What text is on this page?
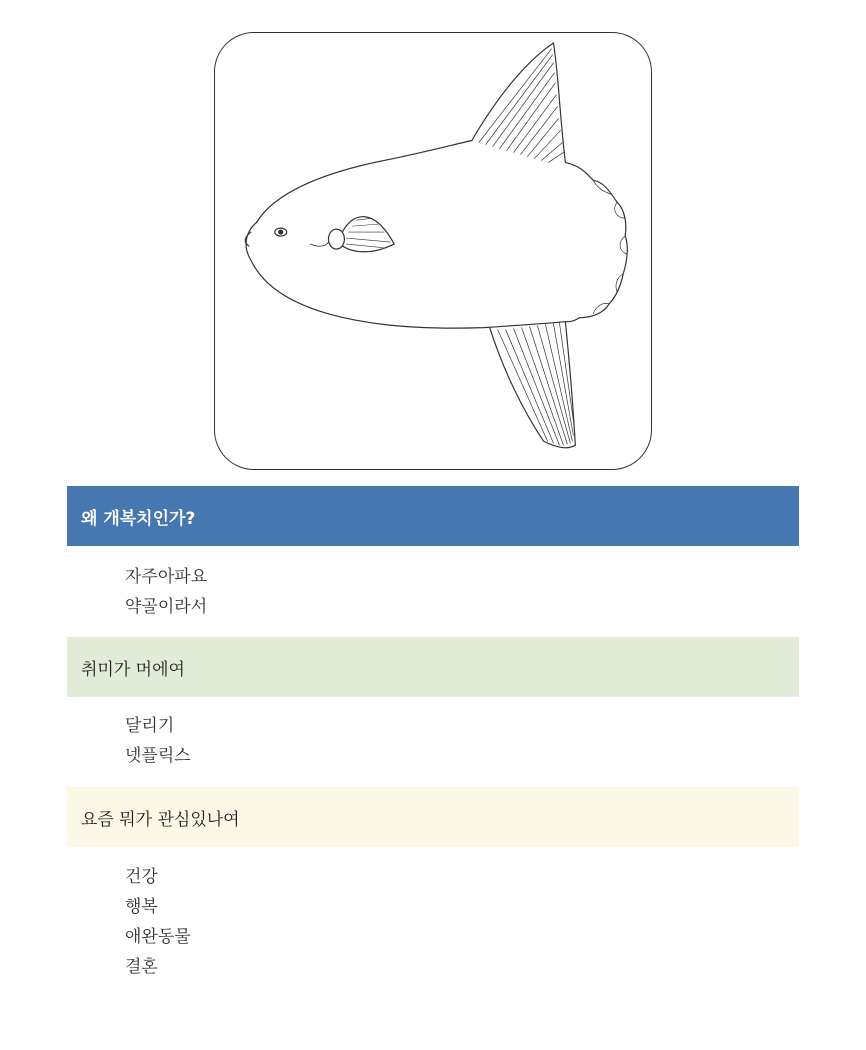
왜 개복치인가?
자주아파요
약골이라서
취미가 머에여
달리기
넷플릭스
요즘 뭐가 관심있나여
건강
행복
애완동물
결혼
